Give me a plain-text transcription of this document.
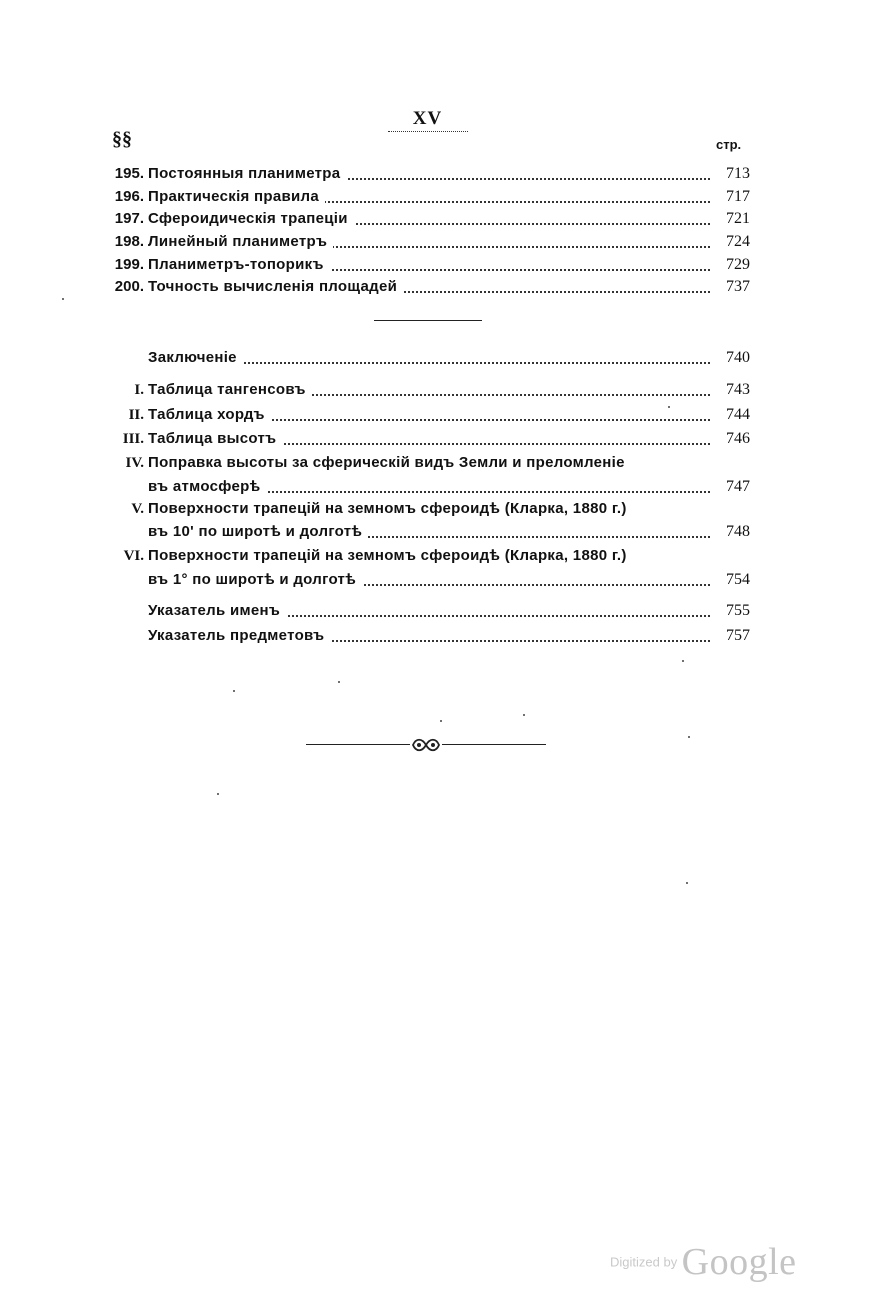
XV
§§	стр.
195. Постоянныя планиметра	713
196. Практическія правила	717
197. Сфероидическія трапеціи	721
198. Линейный планиметръ	724
199. Планиметръ-топорикъ	729
200. Точность вычисленія площадей	737
Заключеніе	740
I. Таблица тангенсовъ	743
II. Таблица хордъ	744
III. Таблица высотъ	746
IV. Поправка высоты за сферическій видъ Земли и преломленіе
въ атмосферѣ	747
V. Поверхности трапецій на земномъ сфероидѣ (Кларка, 1880 г.)
въ 10' по широтѣ и долготѣ	748
VI. Поверхности трапецій на земномъ сфероидѣ (Кларка, 1880 г.)
въ 1° по широтѣ и долготѣ	754
Указатель именъ	755
Указатель предметовъ	757
Digitized by Google
